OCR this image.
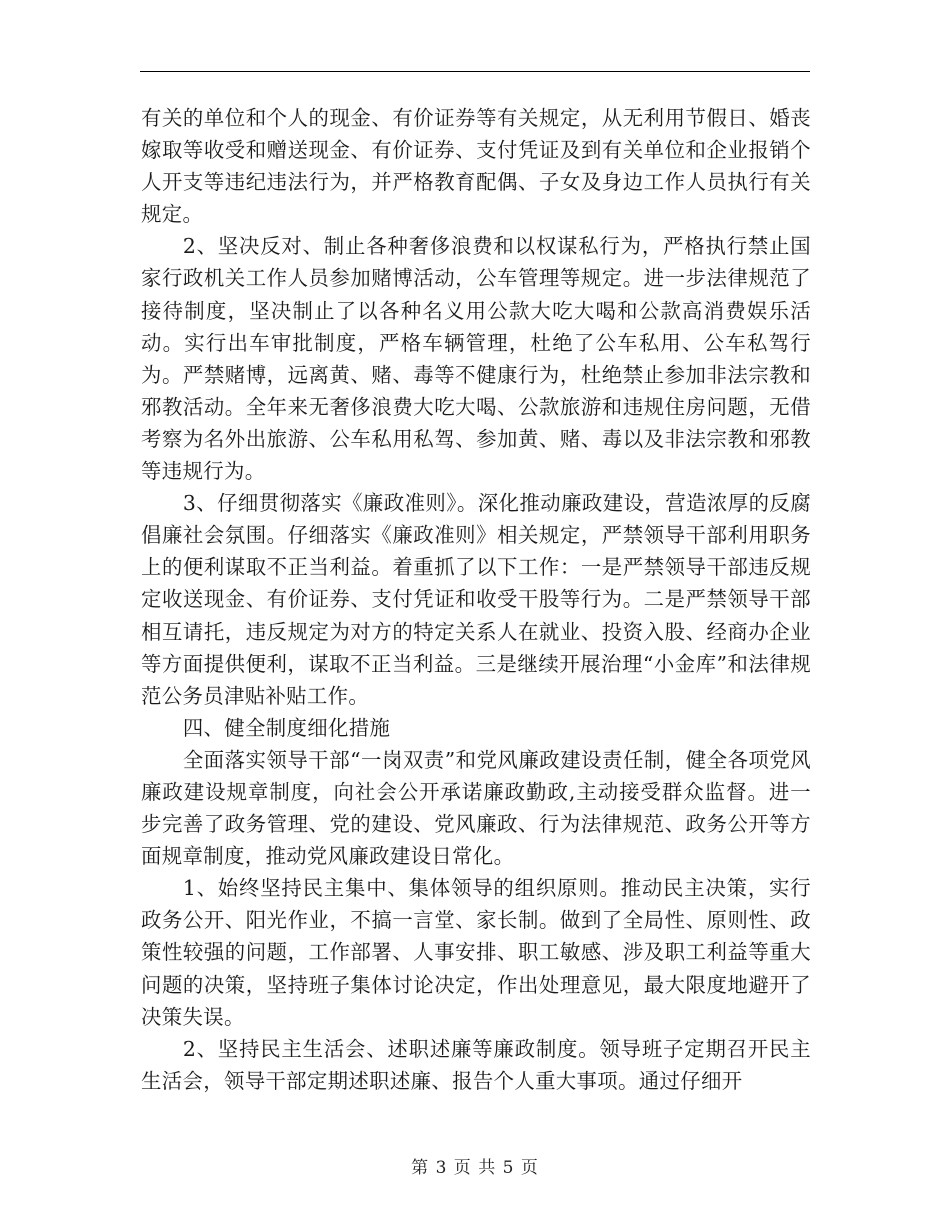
有关的单位和个人的现金、有价证券等有关规定，从无利用节假日、婚丧嫁取等收受和赠送现金、有价证券、支付凭证及到有关单位和企业报销个人开支等违纪违法行为，并严格教育配偶、子女及身边工作人员执行有关规定。

2、坚决反对、制止各种奢侈浪费和以权谋私行为，严格执行禁止国家行政机关工作人员参加赌博活动，公车管理等规定。进一步法律规范了接待制度，坚决制止了以各种名义用公款大吃大喝和公款高消费娱乐活动。实行出车审批制度，严格车辆管理，杜绝了公车私用、公车私驾行为。严禁赌博，远离黄、赌、毒等不健康行为，杜绝禁止参加非法宗教和邪教活动。全年来无奢侈浪费大吃大喝、公款旅游和违规住房问题，无借考察为名外出旅游、公车私用私驾、参加黄、赌、毒以及非法宗教和邪教等违规行为。

3、仔细贯彻落实《廉政准则》。深化推动廉政建设，营造浓厚的反腐倡廉社会氛围。仔细落实《廉政准则》相关规定，严禁领导干部利用职务上的便利谋取不正当利益。着重抓了以下工作：一是严禁领导干部违反规定收送现金、有价证券、支付凭证和收受干股等行为。二是严禁领导干部相互请托，违反规定为对方的特定关系人在就业、投资入股、经商办企业等方面提供便利，谋取不正当利益。三是继续开展治理“小金库”和法律规范公务员津贴补贴工作。

四、健全制度细化措施

全面落实领导干部“一岗双责”和党风廉政建设责任制，健全各项党风廉政建设规章制度，向社会公开承诺廉政勤政,主动接受群众监督。进一步完善了政务管理、党的建设、党风廉政、行为法律规范、政务公开等方面规章制度，推动党风廉政建设日常化。

1、始终坚持民主集中、集体领导的组织原则。推动民主决策，实行政务公开、阳光作业，不搞一言堂、家长制。做到了全局性、原则性、政策性较强的问题，工作部署、人事安排、职工敏感、涉及职工利益等重大问题的决策，坚持班子集体讨论决定，作出处理意见，最大限度地避开了决策失误。

2、坚持民主生活会、述职述廉等廉政制度。领导班子定期召开民主生活会，领导干部定期述职述廉、报告个人重大事项。通过仔细开

第 3 页 共 5 页
